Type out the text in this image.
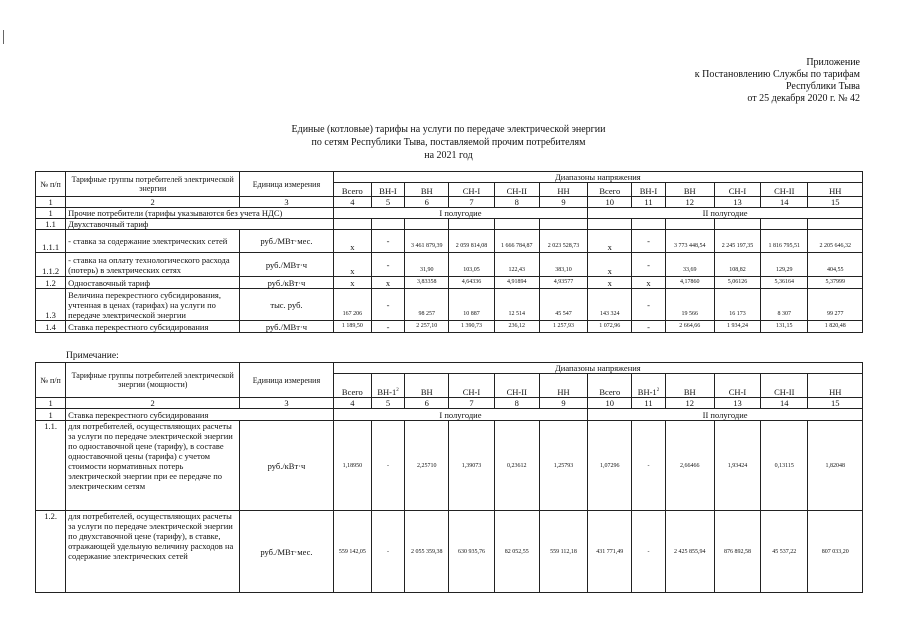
Приложение
к Постановлению Службы по тарифам
Республики Тыва
от 25 декабря 2020 г. № 42
Единые (котловые) тарифы на услуги по передаче электрической энергии
по сетям Республики Тыва, поставляемой прочим потребителям
на 2021 год
№ п/п	Тарифные группы потребителей электрической энергии	Единица измерения	Диапазоны напряжения											
			Всего	ВН-I	ВН	СН-I	СН-II	НН	Всего	ВН-I	ВН	СН-I	СН-II	НН
1	2	3	4	5	6	7	8	9	10	11	12	13	14	15
1	Прочие потребители (тарифы указываются без учета НДС)		I полугодие						II полугодие					
1.1	Двухставочный тариф													
1.1.1	- ставка за содержание электрических сетей	руб./МВт·мес.	x	-	3 461 879,39	2 059 814,08	1 666 784,87	2 023 528,73	x	-	3 773 448,54	2 245 197,35	1 816 795,51	2 205 646,32
1.1.2	- ставка на оплату технологического расхода (потерь) в электрических сетях	руб./МВт·ч	x	-	31,90	103,05	122,43	383,10	x	-	33,69	108,82	129,29	404,55
1.2	Одноставочный тариф	руб./кВт·ч	x	x	3,83358	4,64336	4,91894	4,93577	x	x	4,17860	5,06126	5,36164	5,37999
1.3	Величина перекрестного субсидирования, учтенная в ценах (тарифах) на услуги по передаче электрической энергии	тыс. руб.	167 206	-	98 257	10 887	12 514	45 547	143 324	-	19 566	16 173	8 307	99 277
1.4	Ставка перекрестного субсидирования	руб./МВт·ч	1 189,50	-	2 257,10	1 390,73	236,12	1 257,93	1 072,96	-	2 664,66	1 934,24	131,15	1 820,48
Примечание:
№ п/п	Тарифные группы потребителей электрической энергии (мощности)	Единица измерения	Диапазоны напряжения											
			Всего	$ВН-1^2$	ВН	СН-I	СН-II	НН	Всего	$ВН-1^2$	ВН	СН-I	СН-II	НН
1	2	3	4	5	6	7	8	9	10	11	12	13	14	15
1	Ставка перекрестного субсидирования		I полугодие						II полугодие					
1.1.	для потребителей, осуществляющих расчеты за услуги по передаче электрической энергии по одноставочной цене (тарифу), в составе одноставочной цены (тарифа) с учетом стоимости нормативных потерь электрической энергии при ее передаче по электрическим сетям	руб./кВт·ч	1,18950	-	2,25710	1,39073	0,23612	1,25793	1,07296	-	2,66466	1,93424	0,13115	1,82048
1.2.	для потребителей, осуществляющих расчеты за услуги по передаче электрической энергии по двухставочной цене (тарифу), в ставке, отражающей удельную величину расходов на содержание электрических сетей	руб./МВт·мес.	559 142,05	-	2 055 359,38	630 935,76	82 052,55	559 112,18	431 771,49	-	2 425 855,94	876 892,58	45 537,22	807 033,20
